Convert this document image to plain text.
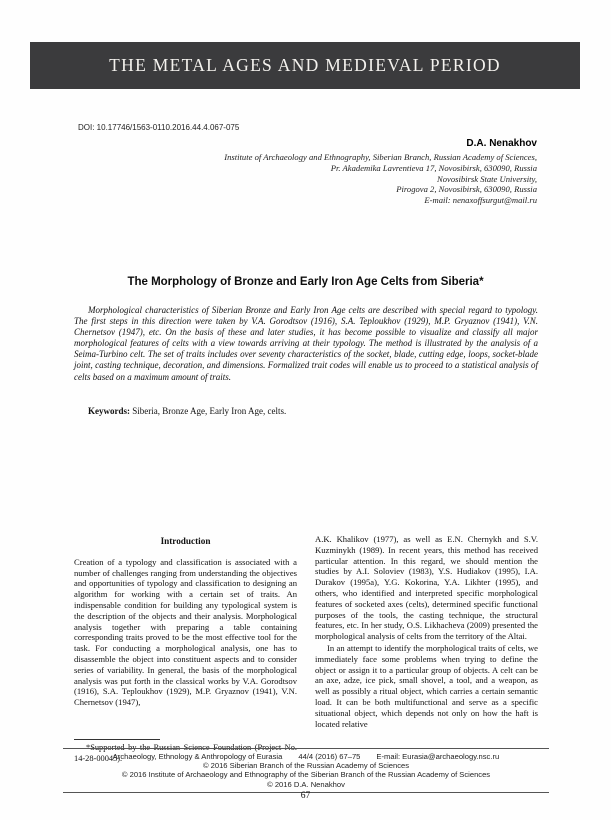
THE METAL AGES AND MEDIEVAL PERIOD
DOI: 10.17746/1563-0110.2016.44.4.067-075
D.A. Nenakhov
Institute of Archaeology and Ethnography, Siberian Branch, Russian Academy of Sciences,
Pr. Akademika Lavrentieva 17, Novosibirsk, 630090, Russia
Novosibirsk State University,
Pirogova 2, Novosibirsk, 630090, Russia
E-mail: nenaxoffsurgut@mail.ru
The Morphology of Bronze and Early Iron Age Celts from Siberia*
Morphological characteristics of Siberian Bronze and Early Iron Age celts are described with special regard to typology. The first steps in this direction were taken by V.A. Gorodtsov (1916), S.A. Teploukhov (1929), M.P. Gryaznov (1941), V.N. Chernetsov (1947), etc. On the basis of these and later studies, it has become possible to visualize and classify all major morphological features of celts with a view towards arriving at their typology. The method is illustrated by the analysis of a Seima-Turbino celt. The set of traits includes over seventy characteristics of the socket, blade, cutting edge, loops, socket-blade joint, casting technique, decoration, and dimensions. Formalized trait codes will enable us to proceed to a statistical analysis of celts based on a maximum amount of traits.
Keywords: Siberia, Bronze Age, Early Iron Age, celts.
Introduction

Creation of a typology and classification is associated with a number of challenges ranging from understanding the objectives and opportunities of typology and classification to designing an algorithm for working with a certain set of traits. An indispensable condition for building any typological system is the description of the objects and their analysis. Morphological analysis together with preparing a table containing corresponding traits proved to be the most effective tool for the task. For conducting a morphological analysis, one has to disassemble the object into constituent aspects and to consider series of variability. In general, the basis of the morphological analysis was put forth in the classical works by V.A. Gorodtsov (1916), S.A. Teploukhov (1929), M.P. Gryaznov (1941), V.N. Chernetsov (1947),

*Supported by the Russian Science Foundation (Project No. 14-28-00045).

A.K. Khalikov (1977), as well as E.N. Chernykh and S.V. Kuzminykh (1989). In recent years, this method has received particular attention. In this regard, we should mention the studies by A.I. Soloviev (1983), Y.S. Hudiakov (1995), I.A. Durakov (1995a), Y.G. Kokorina, Y.A. Likhter (1995), and others, who identified and interpreted specific morphological features of socketed axes (celts), determined specific functional purposes of the tools, the casting technique, the structural features, etc. In her study, O.S. Likhacheva (2009) presented the morphological analysis of celts from the territory of the Altai.

In an attempt to identify the morphological traits of celts, we immediately face some problems when trying to define the object or assign it to a particular group of objects. A celt can be an axe, adze, ice pick, small shovel, a tool, and a weapon, as well as possibly a ritual object, which carries a certain semantic load. It can be both multifunctional and serve as a specific situational object, which depends not only on how the haft is located relative

Archaeology, Ethnology & Anthropology of Eurasia 44/4 (2016) 67–75 E-mail: Eurasia@archaeology.nsc.ru
© 2016 Siberian Branch of the Russian Academy of Sciences
© 2016 Institute of Archaeology and Ethnography of the Siberian Branch of the Russian Academy of Sciences
© 2016 D.A. Nenakhov
67
